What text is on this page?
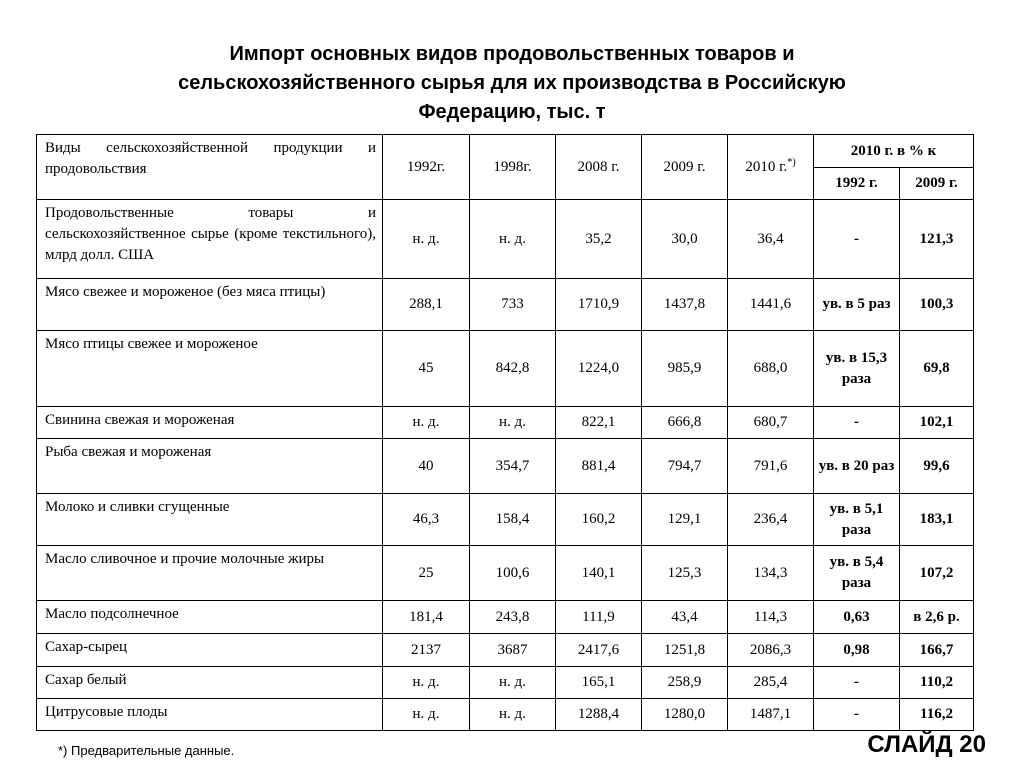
Импорт основных видов продовольственных товаров и
сельскохозяйственного сырья для их производства в Российскую
Федерацию, тыс. т
Виды сельскохозяйственной продукции и продовольствия	1992г.	1998г.	2008 г.	2009 г.	2010 г.*)	2010 г. в % к	
						1992 г.	2009 г.
Продовольственные товары и сельскохозяйственное сырье (кроме текстильного), млрд долл. США	н. д.	н. д.	35,2	30,0	36,4	-	121,3
Мясо свежее и мороженое (без мяса птицы)	288,1	733	1710,9	1437,8	1441,6	ув. в 5 раз	100,3
Мясо птицы свежее и мороженое	45	842,8	1224,0	985,9	688,0	ув. в 15,3 раза	69,8
Свинина свежая и мороженая	н. д.	н. д.	822,1	666,8	680,7	-	102,1
Рыба свежая и мороженая	40	354,7	881,4	794,7	791,6	ув. в 20 раз	99,6
Молоко и сливки сгущенные	46,3	158,4	160,2	129,1	236,4	ув. в 5,1 раза	183,1
Масло сливочное и прочие молочные жиры	25	100,6	140,1	125,3	134,3	ув. в 5,4 раза	107,2
Масло подсолнечное	181,4	243,8	111,9	43,4	114,3	0,63	в 2,6 р.
Сахар-сырец	2137	3687	2417,6	1251,8	2086,3	0,98	166,7
Сахар белый	н. д.	н. д.	165,1	258,9	285,4	-	110,2
Цитрусовые плоды	н. д.	н. д.	1288,4	1280,0	1487,1	-	116,2
*) Предварительные данные.	СЛАЙД 20
